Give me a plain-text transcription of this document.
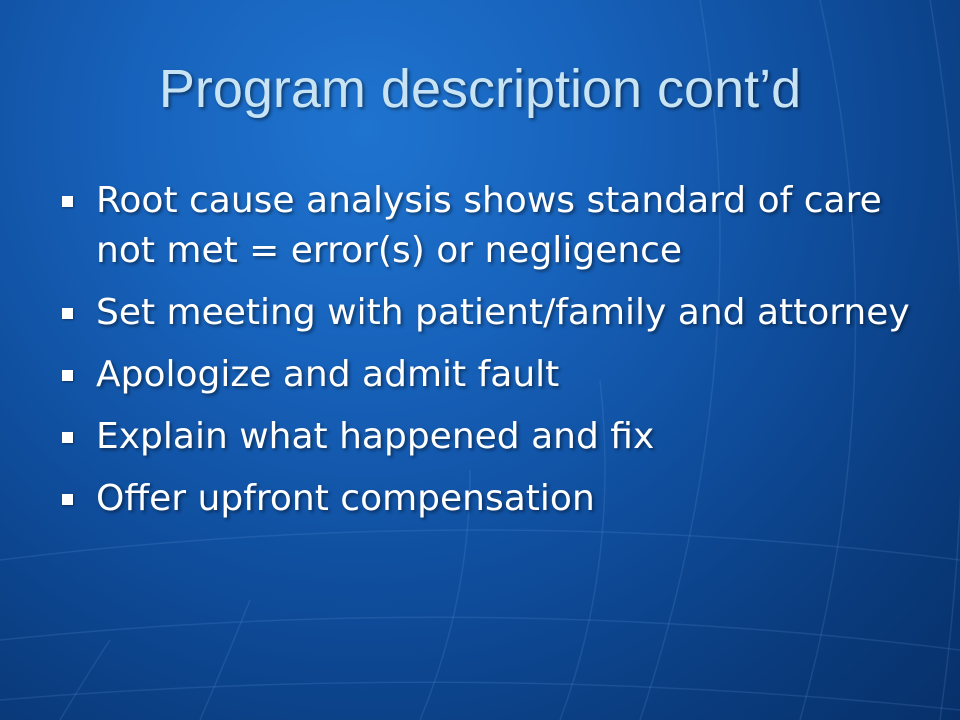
Program description cont’d
Root cause analysis shows standard of care not met = error(s) or negligence
Set meeting with patient/family and attorney
Apologize and admit fault
Explain what happened and fix
Offer upfront compensation
